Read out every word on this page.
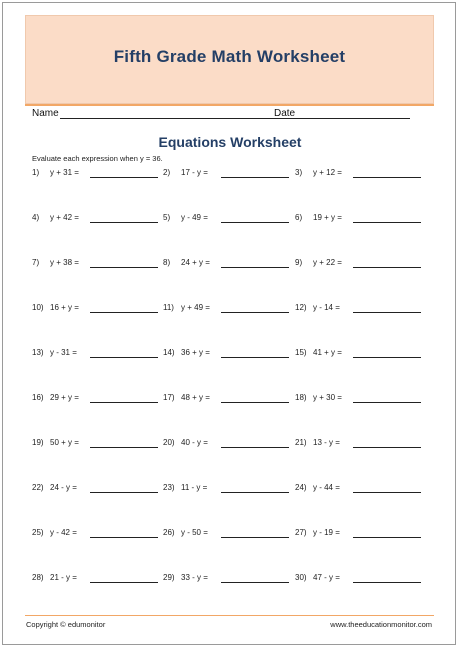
Fifth Grade Math Worksheet
Name	Date
Equations Worksheet
Evaluate each expression when y = 36.
1)	y + 31 =	2)	17 - y =	3)	y + 12 =
4)	y + 42 =	5)	y - 49 =	6)	19 + y =
7)	y + 38 =	8)	24 + y =	9)	y + 22 =
10) 16 + y =	11) y + 49 =	12) y - 14 =
13) y - 31 =	14) 36 + y =	15) 41 + y =
16) 29 + y =	17) 48 + y =	18) y + 30 =
19) 50 + y =	20) 40 - y =	21) 13 - y =
22) 24 - y =	23) 11 - y =	24) y - 44 =
25) y - 42 =	26) y - 50 =	27) y - 19 =
28) 21 - y =	29) 33 - y =	30) 47 - y =
Copyright © edumonitor	www.theeducationmonitor.com
